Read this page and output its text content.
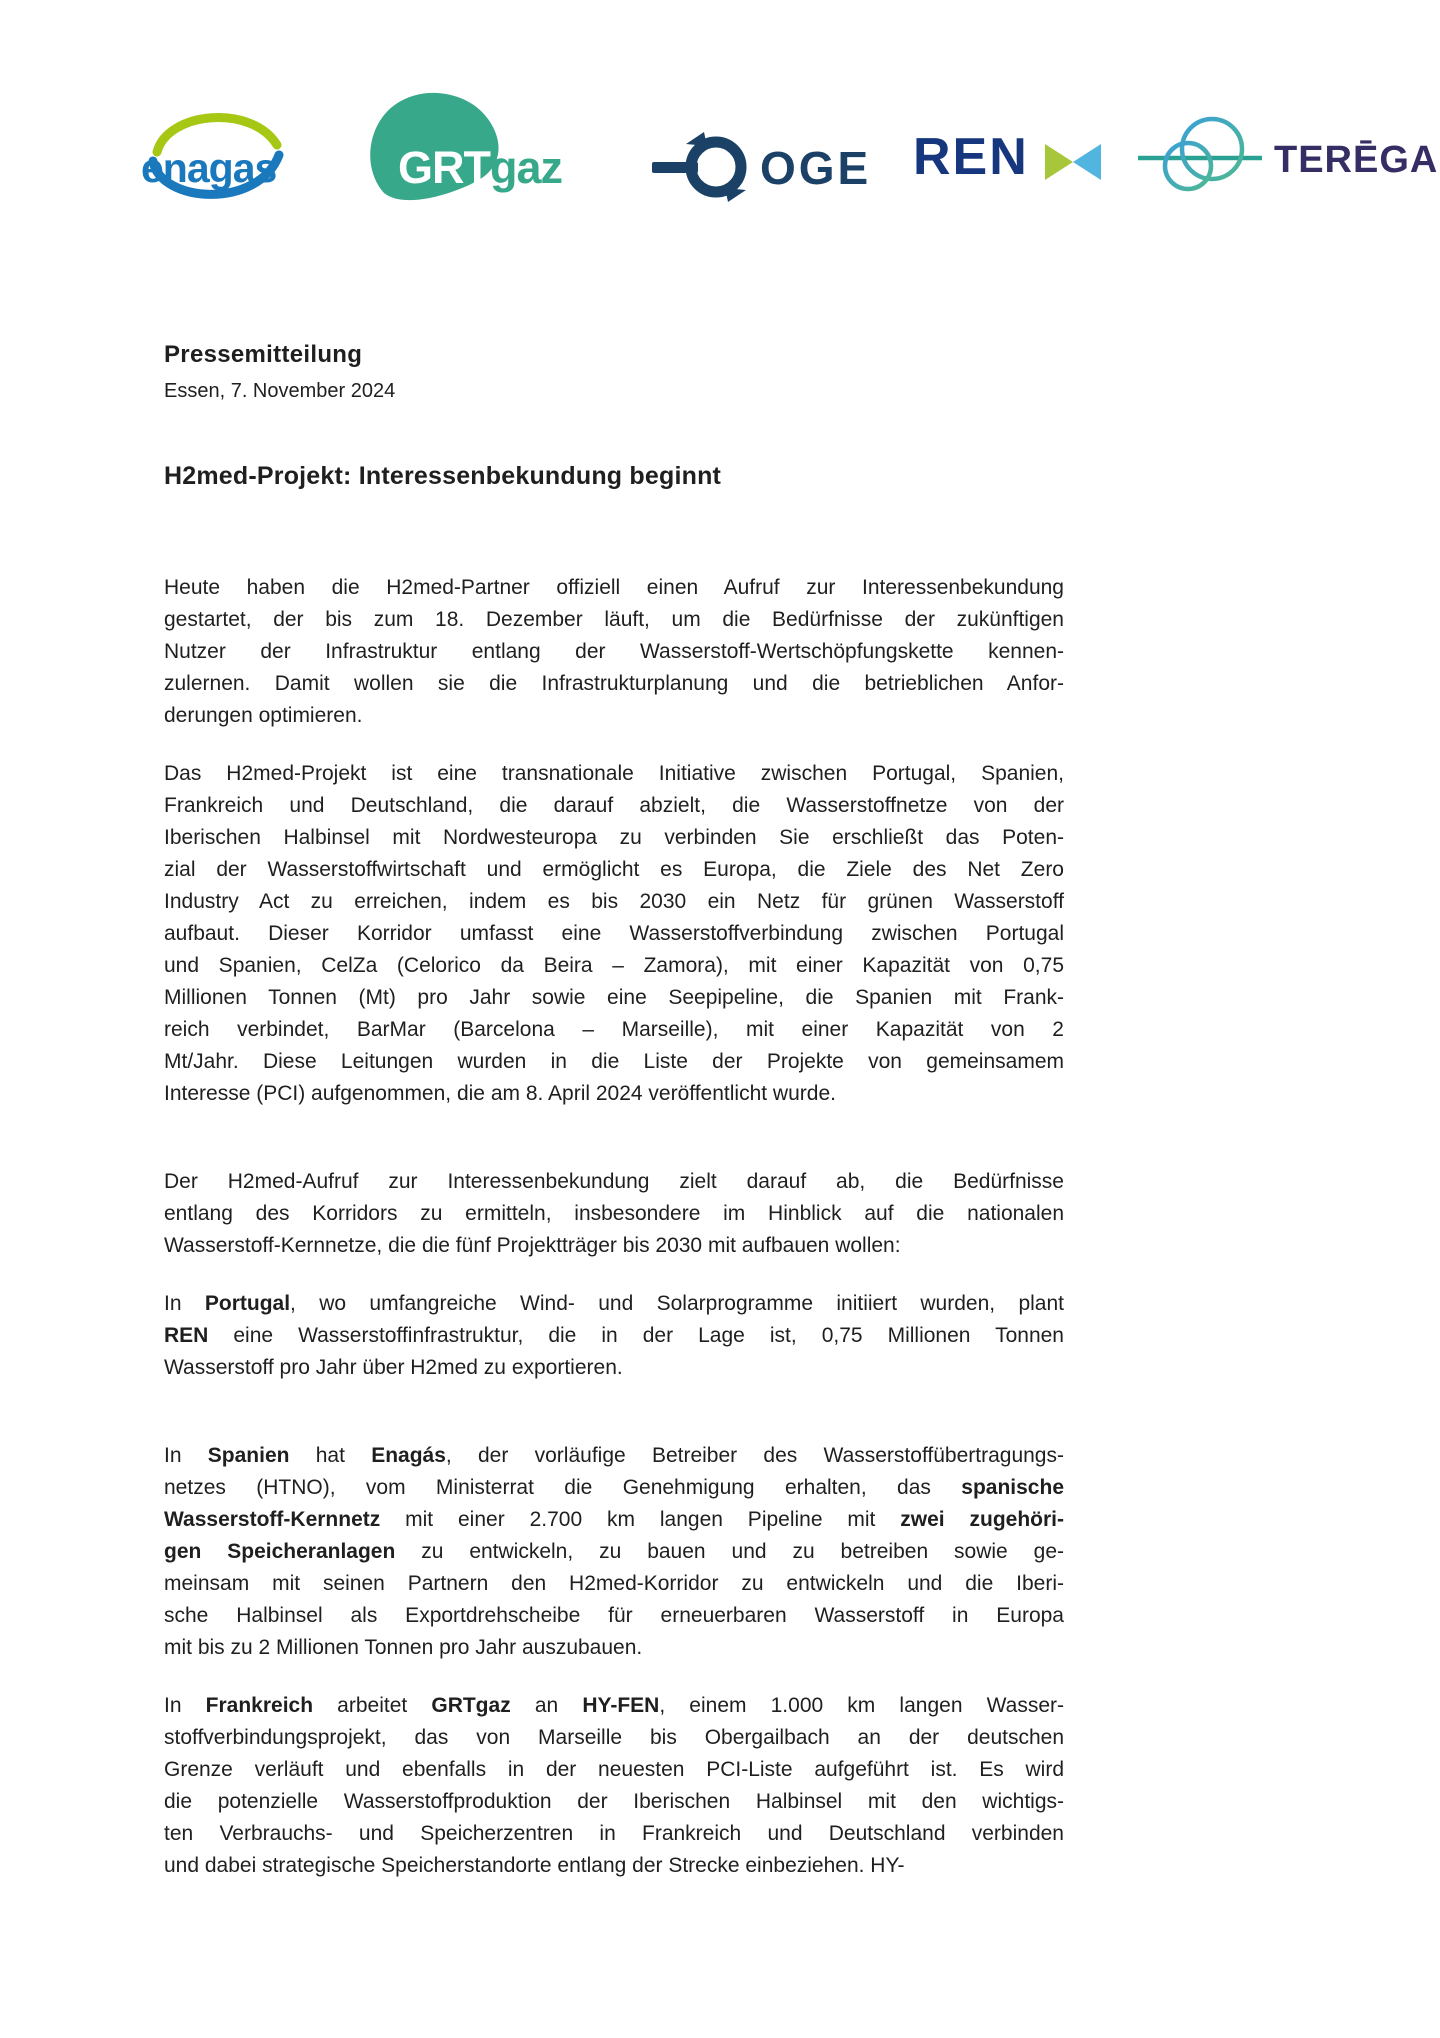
enagas	GRT gaz	OGE REN	TERĒGA
Pressemitteilung
Essen, 7. November 2024
H2med-Projekt: Interessenbekundung beginnt
Heute haben die H2med-Partner offiziell einen Aufruf zur Interessenbekundung
gestartet, der bis zum 18. Dezember läuft, um die Bedürfnisse der zukünftigen
Nutzer der Infrastruktur entlang der Wasserstoff-Wertschöpfungskette kennen-
zulernen. Damit wollen sie die Infrastrukturplanung und die betrieblichen Anfor-
derungen optimieren.
Das H2med-Projekt ist eine transnationale Initiative zwischen Portugal, Spanien,
Frankreich und Deutschland, die darauf abzielt, die Wasserstoffnetze von der
Iberischen Halbinsel mit Nordwesteuropa zu verbinden Sie erschließt das Poten-
zial der Wasserstoffwirtschaft und ermöglicht es Europa, die Ziele des Net Zero
Industry Act zu erreichen, indem es bis 2030 ein Netz für grünen Wasserstoff
aufbaut. Dieser Korridor umfasst eine Wasserstoffverbindung zwischen Portugal
und Spanien, CelZa (Celorico da Beira – Zamora), mit einer Kapazität von 0,75
Millionen Tonnen (Mt) pro Jahr sowie eine Seepipeline, die Spanien mit Frank-
reich verbindet, BarMar (Barcelona – Marseille), mit einer Kapazität von 2
Mt/Jahr. Diese Leitungen wurden in die Liste der Projekte von gemeinsamem
Interesse (PCI) aufgenommen, die am 8. April 2024 veröffentlicht wurde.
Der H2med-Aufruf zur Interessenbekundung zielt darauf ab, die Bedürfnisse
entlang des Korridors zu ermitteln, insbesondere im Hinblick auf die nationalen
Wasserstoff-Kernnetze, die die fünf Projektträger bis 2030 mit aufbauen wollen:
In Portugal, wo umfangreiche Wind- und Solarprogramme initiiert wurden, plant
REN eine Wasserstoffinfrastruktur, die in der Lage ist, 0,75 Millionen Tonnen
Wasserstoff pro Jahr über H2med zu exportieren.
In Spanien hat Enagás, der vorläufige Betreiber des Wasserstoffübertragungs-
netzes (HTNO), vom Ministerrat die Genehmigung erhalten, das spanische
Wasserstoff-Kernnetz mit einer 2.700 km langen Pipeline mit zwei zugehöri-
gen Speicheranlagen zu entwickeln, zu bauen und zu betreiben sowie ge-
meinsam mit seinen Partnern den H2med-Korridor zu entwickeln und die Iberi-
sche Halbinsel als Exportdrehscheibe für erneuerbaren Wasserstoff in Europa
mit bis zu 2 Millionen Tonnen pro Jahr auszubauen.
In Frankreich arbeitet GRTgaz an HY-FEN, einem 1.000 km langen Wasser-
stoffverbindungsprojekt, das von Marseille bis Obergailbach an der deutschen
Grenze verläuft und ebenfalls in der neuesten PCI-Liste aufgeführt ist. Es wird
die potenzielle Wasserstoffproduktion der Iberischen Halbinsel mit den wichtigs-
ten Verbrauchs- und Speicherzentren in Frankreich und Deutschland verbinden
und dabei strategische Speicherstandorte entlang der Strecke einbeziehen. HY-
